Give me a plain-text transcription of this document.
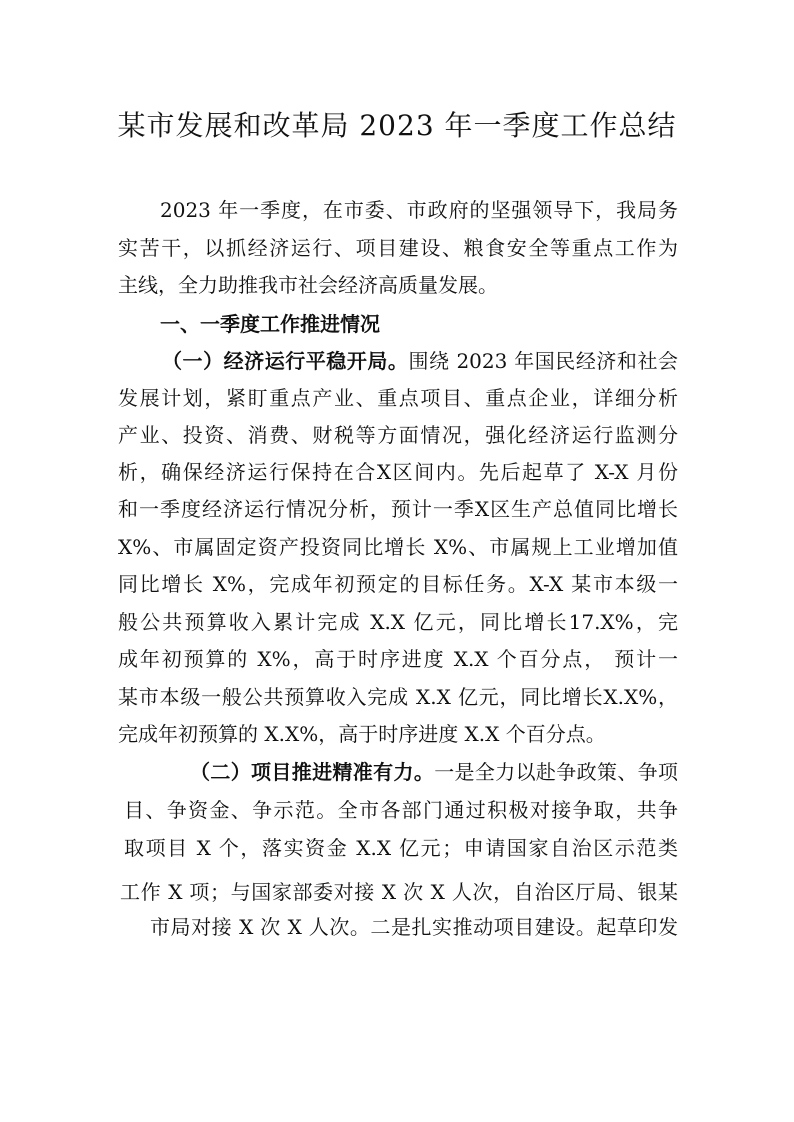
某市发展和改革局 2023 年一季度工作总结
2023 年一季度，在市委、市政府的坚强领导下，我局务
实苦干，以抓经济运行、项目建设、粮食安全等重点工作为
主线，全力助推我市社会经济高质量发展。
一、一季度工作推进情况
（一）经济运行平稳开局。围绕 2023 年国民经济和社会
发展计划，紧盯重点产业、重点项目、重点企业，详细分析
产业、投资、消费、财税等方面情况，强化经济运行监测分
析，确保经济运行保持在合X区间内。先后起草了 X-X 月份
和一季度经济运行情况分析，预计一季X区生产总值同比增长
X%、市属固定资产投资同比增长 X%、市属规上工业增加值
同比增长 X%，完成年初预定的目标任务。X-X 某市本级一
般公共预算收入累计完成 X.X 亿元，同比增长17.X%，完
成年初预算的 X%，高于时序进度 X.X 个百分点， 预计一
某市本级一般公共预算收入完成 X.X 亿元，同比增长X.X%，
完成年初预算的 X.X%，高于时序进度 X.X 个百分点。
（二）项目推进精准有力。一是全力以赴争政策、争项
目、争资金、争示范。全市各部门通过积极对接争取，共争
取项目 X 个，落实资金 X.X 亿元；申请国家自治区示范类
工作 X 项；与国家部委对接 X 次 X 人次，自治区厅局、银某
市局对接 X 次 X 人次。二是扎实推动项目建设。起草印发
